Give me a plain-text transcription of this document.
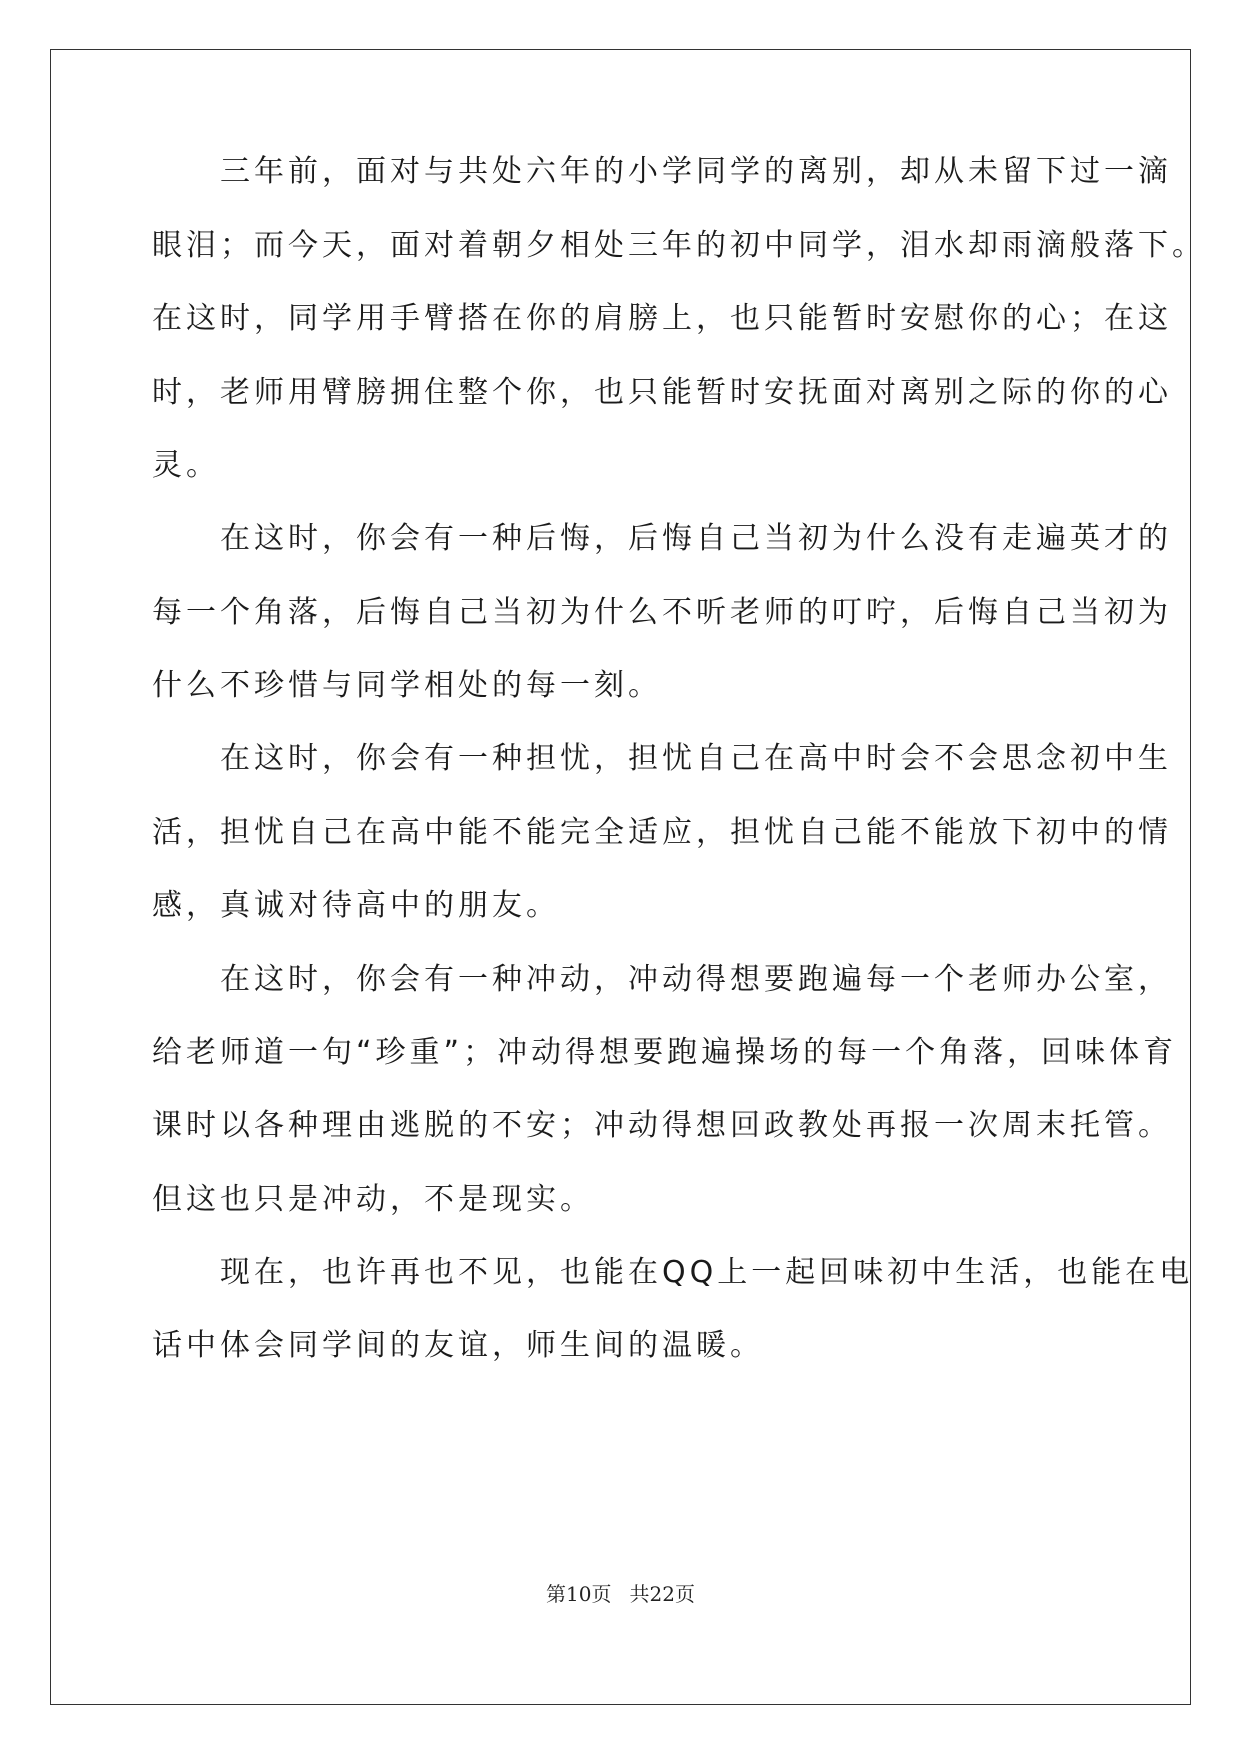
　　三年前，面对与共处六年的小学同学的离别，却从未留下过一滴
眼泪；而今天，面对着朝夕相处三年的初中同学，泪水却雨滴般落下。
在这时，同学用手臂搭在你的肩膀上，也只能暂时安慰你的心；在这
时，老师用臂膀拥住整个你，也只能暂时安抚面对离别之际的你的心
灵。
　　在这时，你会有一种后悔，后悔自己当初为什么没有走遍英才的
每一个角落，后悔自己当初为什么不听老师的叮咛，后悔自己当初为
什么不珍惜与同学相处的每一刻。
　　在这时，你会有一种担忧，担忧自己在高中时会不会思念初中生
活，担忧自己在高中能不能完全适应，担忧自己能不能放下初中的情
感，真诚对待高中的朋友。
　　在这时，你会有一种冲动，冲动得想要跑遍每一个老师办公室，
给老师道一句“珍重”；冲动得想要跑遍操场的每一个角落，回味体育
课时以各种理由逃脱的不安；冲动得想回政教处再报一次周末托管。
但这也只是冲动，不是现实。
　　现在，也许再也不见，也能在QQ上一起回味初中生活，也能在电
话中体会同学间的友谊，师生间的温暖。
第10页 共22页
